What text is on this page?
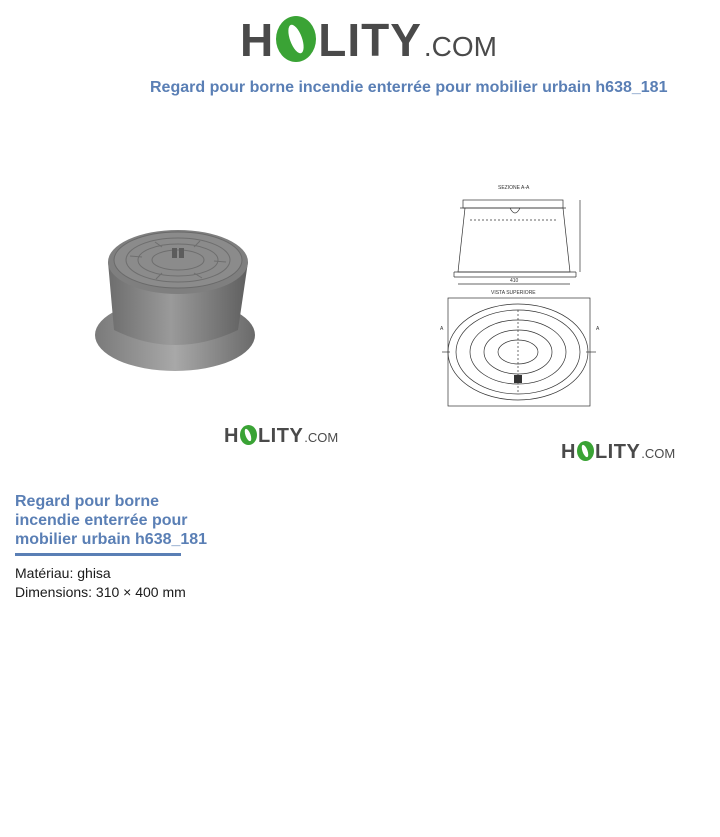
H LITY .COM
Regard pour borne incendie enterrée pour mobilier urbain h638_181
SEZIONE A-A
410
VISTA SUPERIORE
A	A
H LITY .COM
H LITY .COM
Regard pour borne incendie enterrée pour mobilier urbain h638_181
Matériau: ghisa
Dimensions: 310 × 400 mm
